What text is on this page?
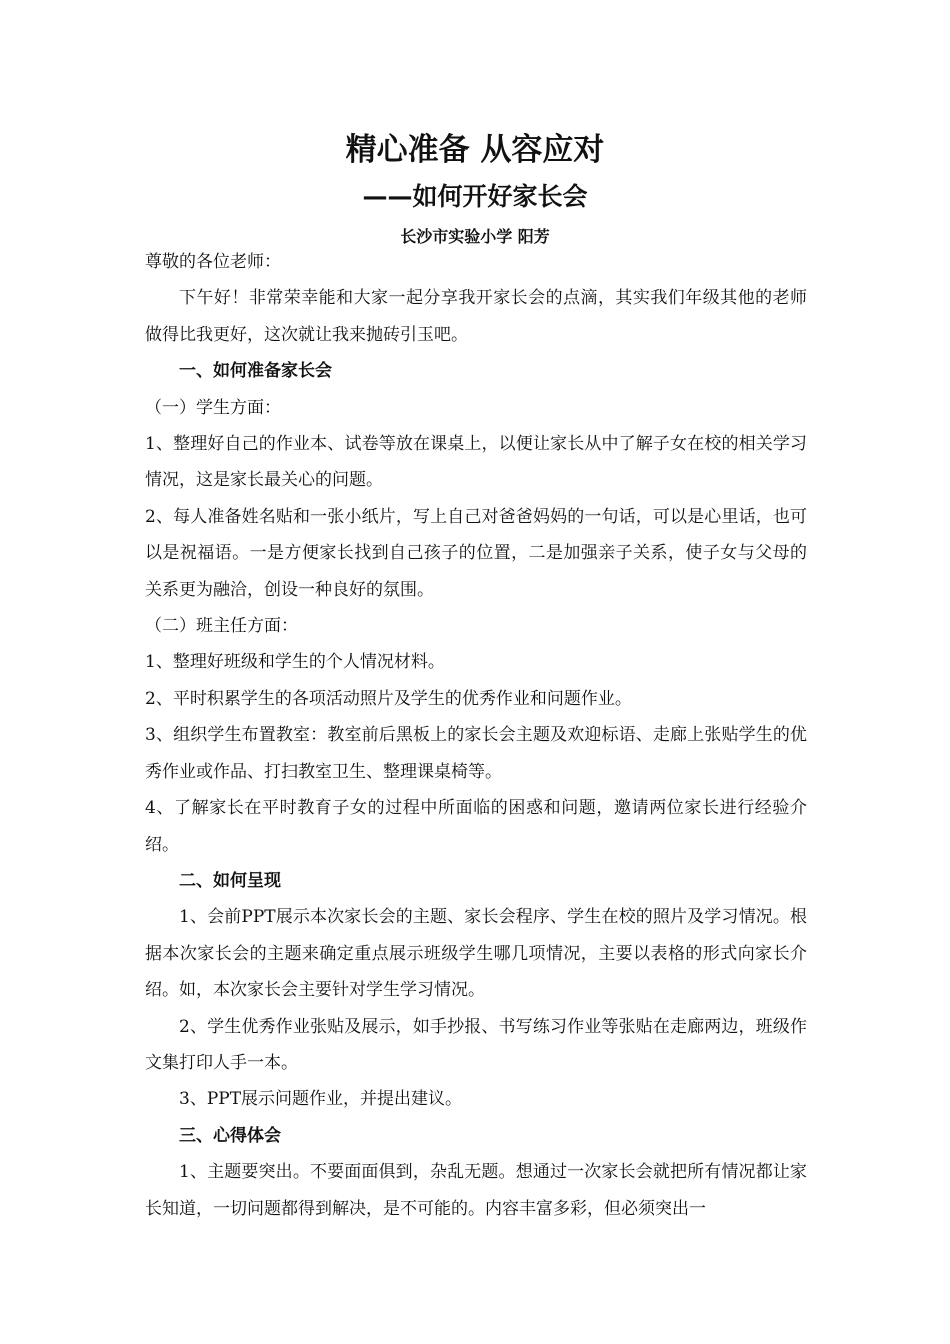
精心准备 从容应对
——如何开好家长会
长沙市实验小学 阳芳

尊敬的各位老师：

下午好！非常荣幸能和大家一起分享我开家长会的点滴，其实我们年级其他的老师做得比我更好，这次就让我来抛砖引玉吧。

一、如何准备家长会

（一）学生方面：

1、整理好自己的作业本、试卷等放在课桌上，以便让家长从中了解子女在校的相关学习情况，这是家长最关心的问题。

2、每人准备姓名贴和一张小纸片，写上自己对爸爸妈妈的一句话，可以是心里话，也可以是祝福语。一是方便家长找到自己孩子的位置，二是加强亲子关系，使子女与父母的关系更为融洽，创设一种良好的氛围。

（二）班主任方面：

1、整理好班级和学生的个人情况材料。

2、平时积累学生的各项活动照片及学生的优秀作业和问题作业。

3、组织学生布置教室：教室前后黑板上的家长会主题及欢迎标语、走廊上张贴学生的优秀作业或作品、打扫教室卫生、整理课桌椅等。

4、了解家长在平时教育子女的过程中所面临的困惑和问题，邀请两位家长进行经验介绍。

二、如何呈现

1、会前PPT展示本次家长会的主题、家长会程序、学生在校的照片及学习情况。根据本次家长会的主题来确定重点展示班级学生哪几项情况，主要以表格的形式向家长介绍。如，本次家长会主要针对学生学习情况。

2、学生优秀作业张贴及展示，如手抄报、书写练习作业等张贴在走廊两边，班级作文集打印人手一本。

3、PPT展示问题作业，并提出建议。

三、心得体会

1、主题要突出。不要面面俱到，杂乱无题。想通过一次家长会就把所有情况都让家长知道，一切问题都得到解决，是不可能的。内容丰富多彩，但必须突出一
